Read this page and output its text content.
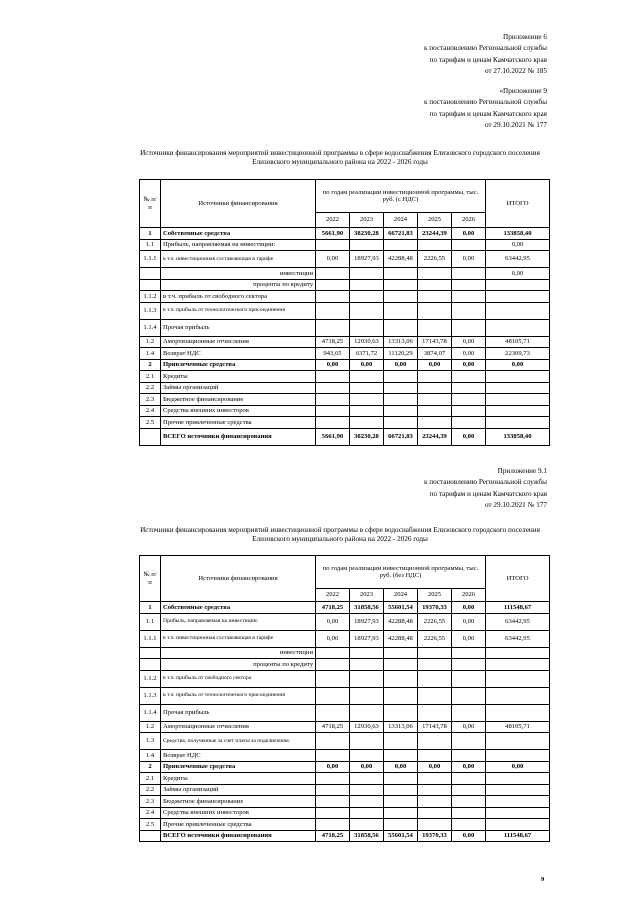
Приложение 6
к постановлению Региональной службы
по тарифам и ценам Камчатского края
от 27.10.2022 № 185
«Приложение 9
к постановлению Региональной службы
по тарифам и ценам Камчатского края
от 29.10.2021 № 177
Источники финансирования мероприятий инвестиционной программы в сфере водоснабжения Елизовского городского поселения Елизовского муниципального района на 2022 - 2026 годы
№ п/п	Источники финансирования	по годам реализации инвестиционной программы, тыс. руб. (с НДС)					ИТОГО
		2022	2023	2024	2025	2026	
1	Собственные средства	5661,90	38230,28	66721,83	23244,39	0,00	133858,40
1.1	Прибыль, направляемая на инвестиции:						0,00
1.1.1	в т.ч. инвестиционная составляющая в тарифе	0,00	18927,93	42288,48	2226,55	0,00	63442,95
	инвестиции						0,00
	проценты по кредиту						
1.1.2	в т.ч. прибыль от свободного сектора						
1.1.3	в т.ч. прибыль от технологического присоединения						
1.1.4	Прочая прибыль						
1.2	Амортизационные отчисления	4718,25	12930,63	13313,06	17143,78	0,00	48105,71
1.4	Возврат НДС	943,65	6371,72	11120,29	3874,07	0,00	22309,73
2	Привлеченные средства	0,00	0,00	0,00	0,00	0,00	0,00
2.1	Кредиты						
2.2	Займы организаций						
2.3	Бюджетное финансирование						
2.4	Средства внешних инвесторов						
2.5	Прочие привлеченные средства						
	ВСЕГО источники финансирования	5661,90	38230,28	66721,83	23244,39	0,00	133858,40
Приложение 9.1
к постановлению Региональной службы
по тарифам и ценам Камчатского края
от 29.10.2021 № 177
Источники финансирования мероприятий инвестиционной программы в сфере водоснабжения Елизовского городского поселения Елизовского муниципального района на 2022 - 2026 годы
№ п/п	Источники финансирования	по годам реализации инвестиционной программы, тыс. руб. (без НДС)					ИТОГО
		2022	2023	2024	2025	2026	
1	Собственные средства	4718,25	31858,56	55601,54	19370,33	0,00	111548,67
1.1	Прибыль, направляемая на инвестиции:	0,00	18927,93	42288,48	2226,55	0,00	63442,95
1.1.1	в т.ч. инвестиционная составляющая в тарифе	0,00	18927,93	42288,48	2226,55	0,00	63442,95
	инвестиции						
	проценты по кредиту						
1.1.2	в т.ч. прибыль от свободного сектора						
1.1.3	в т.ч. прибыль от технологического присоединения						
1.1.4	Прочая прибыль						
1.2	Амортизационные отчисления	4718,25	12930,63	13313,06	17143,78	0,00	48105,71
1.3	Средства, полученные за счет платы за подключение.						
1.4	Возврат НДС						
2	Привлеченные средства	0,00	0,00	0,00	0,00	0,00	0,00
2.1	Кредиты						
2.2	Займы организаций						
2.3	Бюджетное финансирование						
2.4	Средства внешних инвесторов						
2.5	Прочие привлеченные средства						
	ВСЕГО источники финансирования	4718,25	31858,56	55601,54	19370,33	0,00	111548,67
9
